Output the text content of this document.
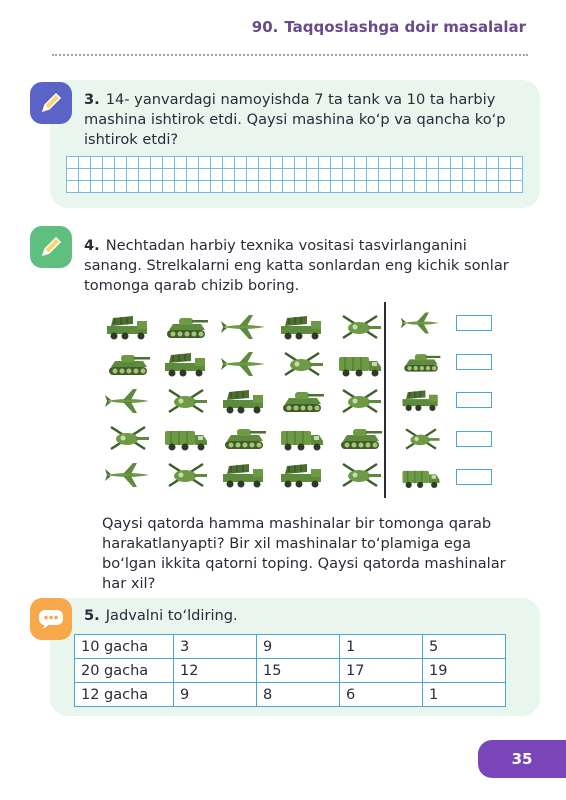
90. Taqqoslashga doir masalalar
3. 14- yanvardagi namoyishda 7 ta tank va 10 ta harbiy mashina ishtirok etdi. Qaysi mashina koʻp va qancha koʻp ishtirok etdi?
4. Nechtadan harbiy texnika vositasi tasvirlanganini sanang. Strelkalarni eng katta sonlardan eng kichik sonlar tomonga qarab chizib boring.
Qaysi qatorda hamma mashinalar bir tomonga qarab harakatlanyapti? Bir xil mashinalar toʻplamiga ega boʻlgan ikkita qatorni toping. Qaysi qatorda mashinalar har xil?
5. Jadvalni toʻldiring.
10 gacha	3	9	1	5
20 gacha	12	15	17	19
12 gacha	9	8	6	1
35
